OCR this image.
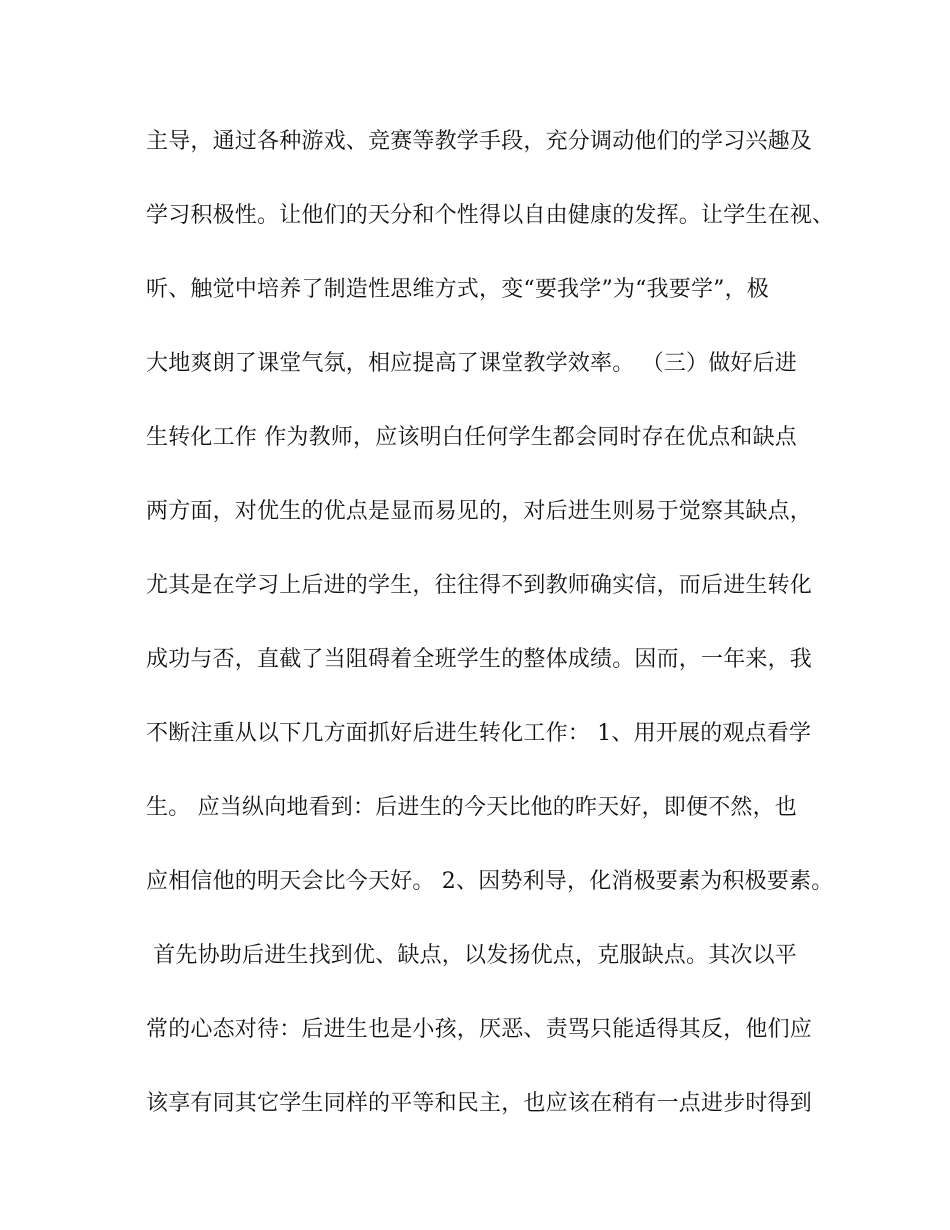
主导，通过各种游戏、竞赛等教学手段，充分调动他们的学习兴趣及
学习积极性。让他们的天分和个性得以自由健康的发挥。让学生在视、
听、触觉中培养了制造性思维方式，变“要我学”为“我要学”，极
大地爽朗了课堂气氛，相应提高了课堂教学效率。 （三）做好后进
生转化工作 作为教师，应该明白任何学生都会同时存在优点和缺点
两方面，对优生的优点是显而易见的，对后进生则易于觉察其缺点，
尤其是在学习上后进的学生，往往得不到教师确实信，而后进生转化
成功与否，直截了当阻碍着全班学生的整体成绩。因而，一年来，我
不断注重从以下几方面抓好后进生转化工作： 1、用开展的观点看学
生。 应当纵向地看到：后进生的今天比他的昨天好，即便不然，也
应相信他的明天会比今天好。 2、因势利导，化消极要素为积极要素。
首先协助后进生找到优、缺点，以发扬优点，克服缺点。其次以平
常的心态对待：后进生也是小孩，厌恶、责骂只能适得其反，他们应
该享有同其它学生同样的平等和民主，也应该在稍有一点进步时得到
